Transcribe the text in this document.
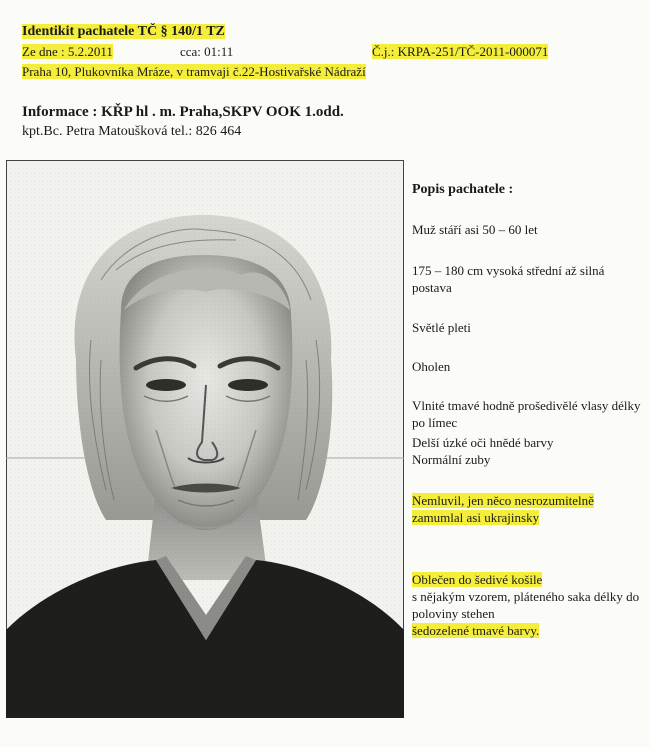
Identikit pachatele TČ § 140/1 TZ
Ze dne : 5.2.2011	cca: 01:11	Č.j.: KRPA-251/TČ-2011-000071
Praha 10, Plukovníka Mráze, v tramvaji č.22-Hostivařské Nádraží
Informace : KŘP hl . m. Praha,SKPV OOK 1.odd.
kpt.Bc. Petra Matoušková tel.: 826 464
Popis pachatele :
Muž stáří asi 50 – 60 let
175 – 180 cm vysoká střední až silná postava
Světlé pleti
Oholen
Vlnité tmavé hodně prošedivělé vlasy délky po límec
Delší úzké oči hnědé barvy
Normální zuby
Nemluvil, jen něco nesrozumitelně zamumlal asi ukrajinsky
Oblečen do šedivé košile
s nějakým vzorem, pláteného saka délky do poloviny stehen
šedozelené tmavé barvy.
